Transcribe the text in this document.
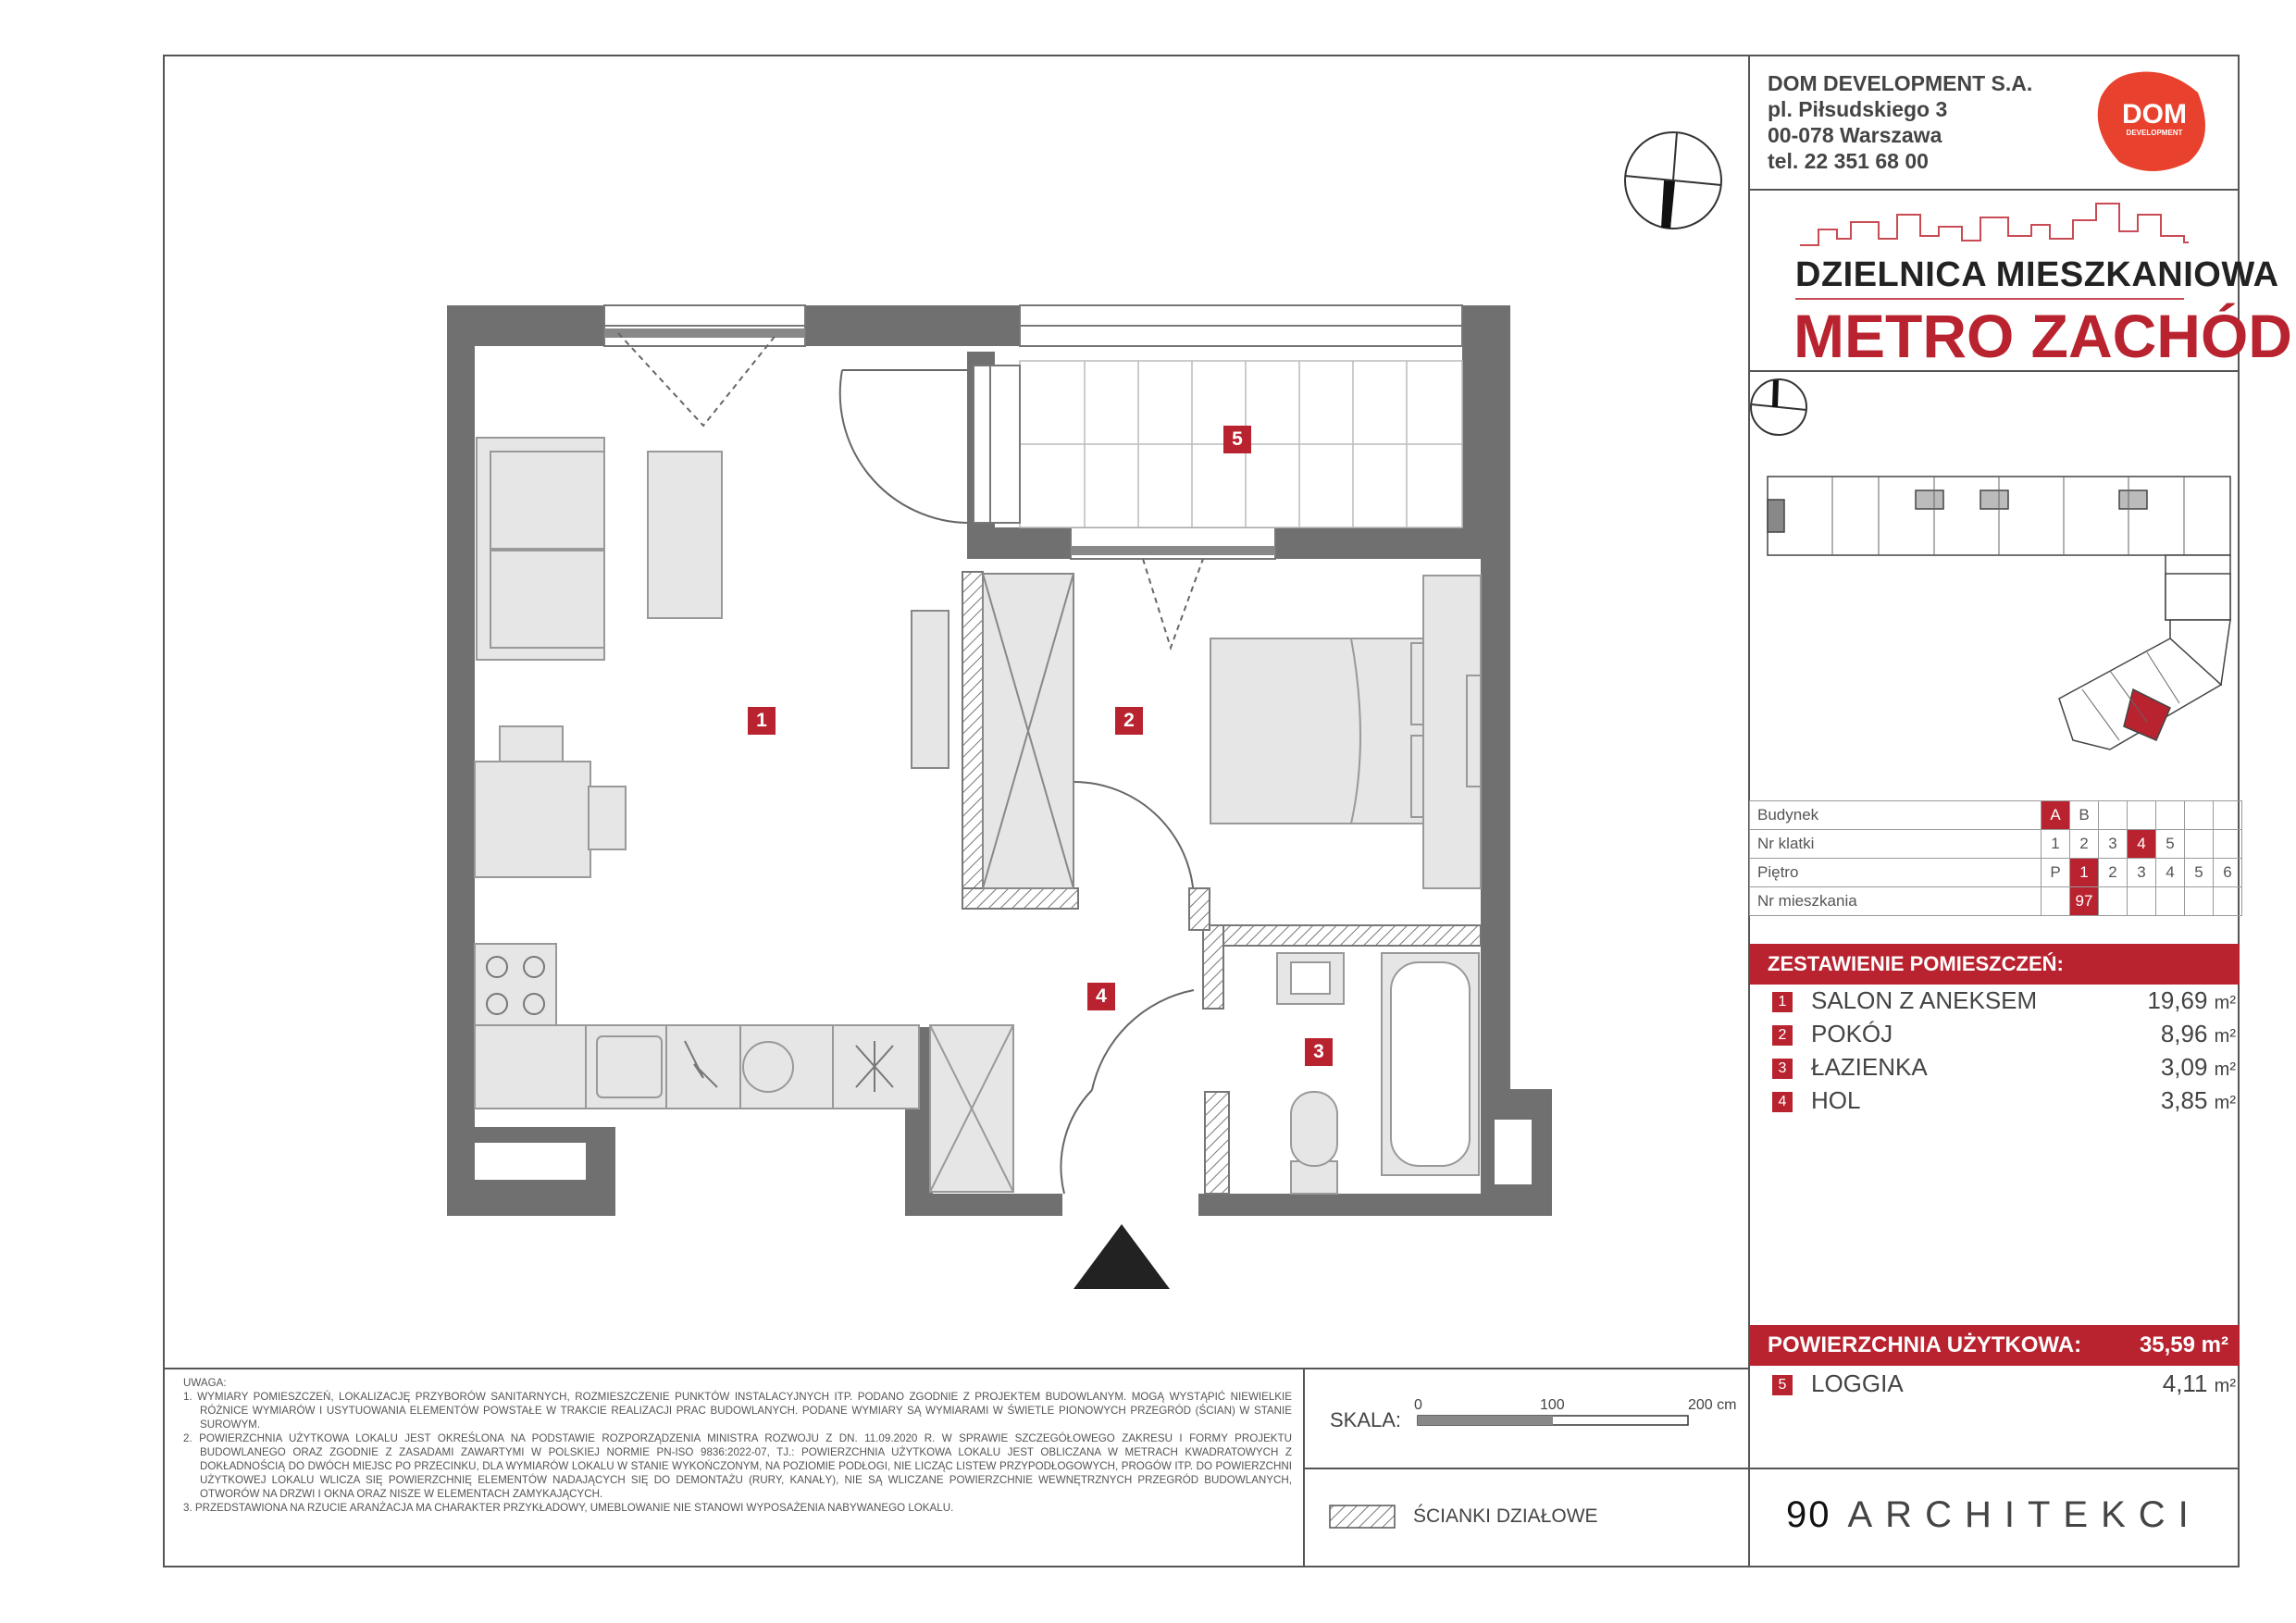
DOM
DEVELOPMENT
DOM DEVELOPMENT S.A.
pl. Piłsudskiego 3
00-078 Warszawa
tel. 22 351 68 00
DZIELNICA MIESZKANIOWA
METRO ZACHÓD
Budynek	A	B					
Nr klatki	1	2	3	4	5		
Piętro	P	1	2	3	4	5	6
Nr mieszkania		97					
ZESTAWIENIE POMIESZCZEŃ:
1 SALON Z ANEKSEM	19,69 m²
2 POKÓJ	8,96 m²
3 ŁAZIENKA	3,09 m²
4 HOL	3,85 m²
POWIERZCHNIA UŻYTKOWA:	35,59 m²
5 LOGGIA	4,11 m²
1	2
3
4
5
UWAGA:
1. WYMIARY POMIESZCZEŃ, LOKALIZACJĘ PRZYBORÓW SANITARNYCH, ROZMIESZCZENIE PUNKTÓW INSTALACYJNYCH ITP. PODANO ZGODNIE Z PROJEKTEM BUDOWLANYM. MOGĄ WYSTĄPIĆ NIEWIELKIE RÓŻNICE WYMIARÓW I USYTUOWANIA ELEMENTÓW POWSTAŁE W TRAKCIE REALIZACJI PRAC BUDOWLANYCH. PODANE WYMIARY SĄ WYMIARAMI W ŚWIETLE PIONOWYCH PRZEGRÓD (ŚCIAN) W STANIE SUROWYM.
2. POWIERZCHNIA UŻYTKOWA LOKALU JEST OKREŚLONA NA PODSTAWIE ROZPORZĄDZENIA MINISTRA ROZWOJU Z DN. 11.09.2020 R. W SPRAWIE SZCZEGÓŁOWEGO ZAKRESU I FORMY PROJEKTU BUDOWLANEGO ORAZ ZGODNIE Z ZASADAMI ZAWARTYMI W POLSKIEJ NORMIE PN-ISO 9836:2022-07, TJ.: POWIERZCHNIA UŻYTKOWA LOKALU JEST OBLICZANA W METRACH KWADRATOWYCH Z DOKŁADNOŚCIĄ DO DWÓCH MIEJSC PO PRZECINKU, DLA WYMIARÓW LOKALU W STANIE WYKOŃCZONYM, NA POZIOMIE PODŁOGI, NIE LICZĄC LISTEW PRZYPODŁOGOWYCH, PROGÓW ITP. DO POWIERZCHNI UŻYTKOWEJ LOKALU WLICZA SIĘ POWIERZCHNIĘ ELEMENTÓW NADAJĄCYCH SIĘ DO DEMONTAŻU (RURY, KANAŁY), NIE SĄ WLICZANE POWIERZCHNIE WEWNĘTRZNYCH PRZEGRÓD BUDOWLANYCH, OTWORÓW NA DRZWI I OKNA ORAZ NISZE W ELEMENTACH ZAMYKAJĄCYCH.
3. PRZEDSTAWIONA NA RZUCIE ARANŻACJA MA CHARAKTER PRZYKŁADOWY, UMEBLOWANIE NIE STANOWI WYPOSAŻENIA NABYWANEGO LOKALU.
SKALA:
0	100	200 cm
ŚCIANKI DZIAŁOWE	90 ARCHITEKCI
